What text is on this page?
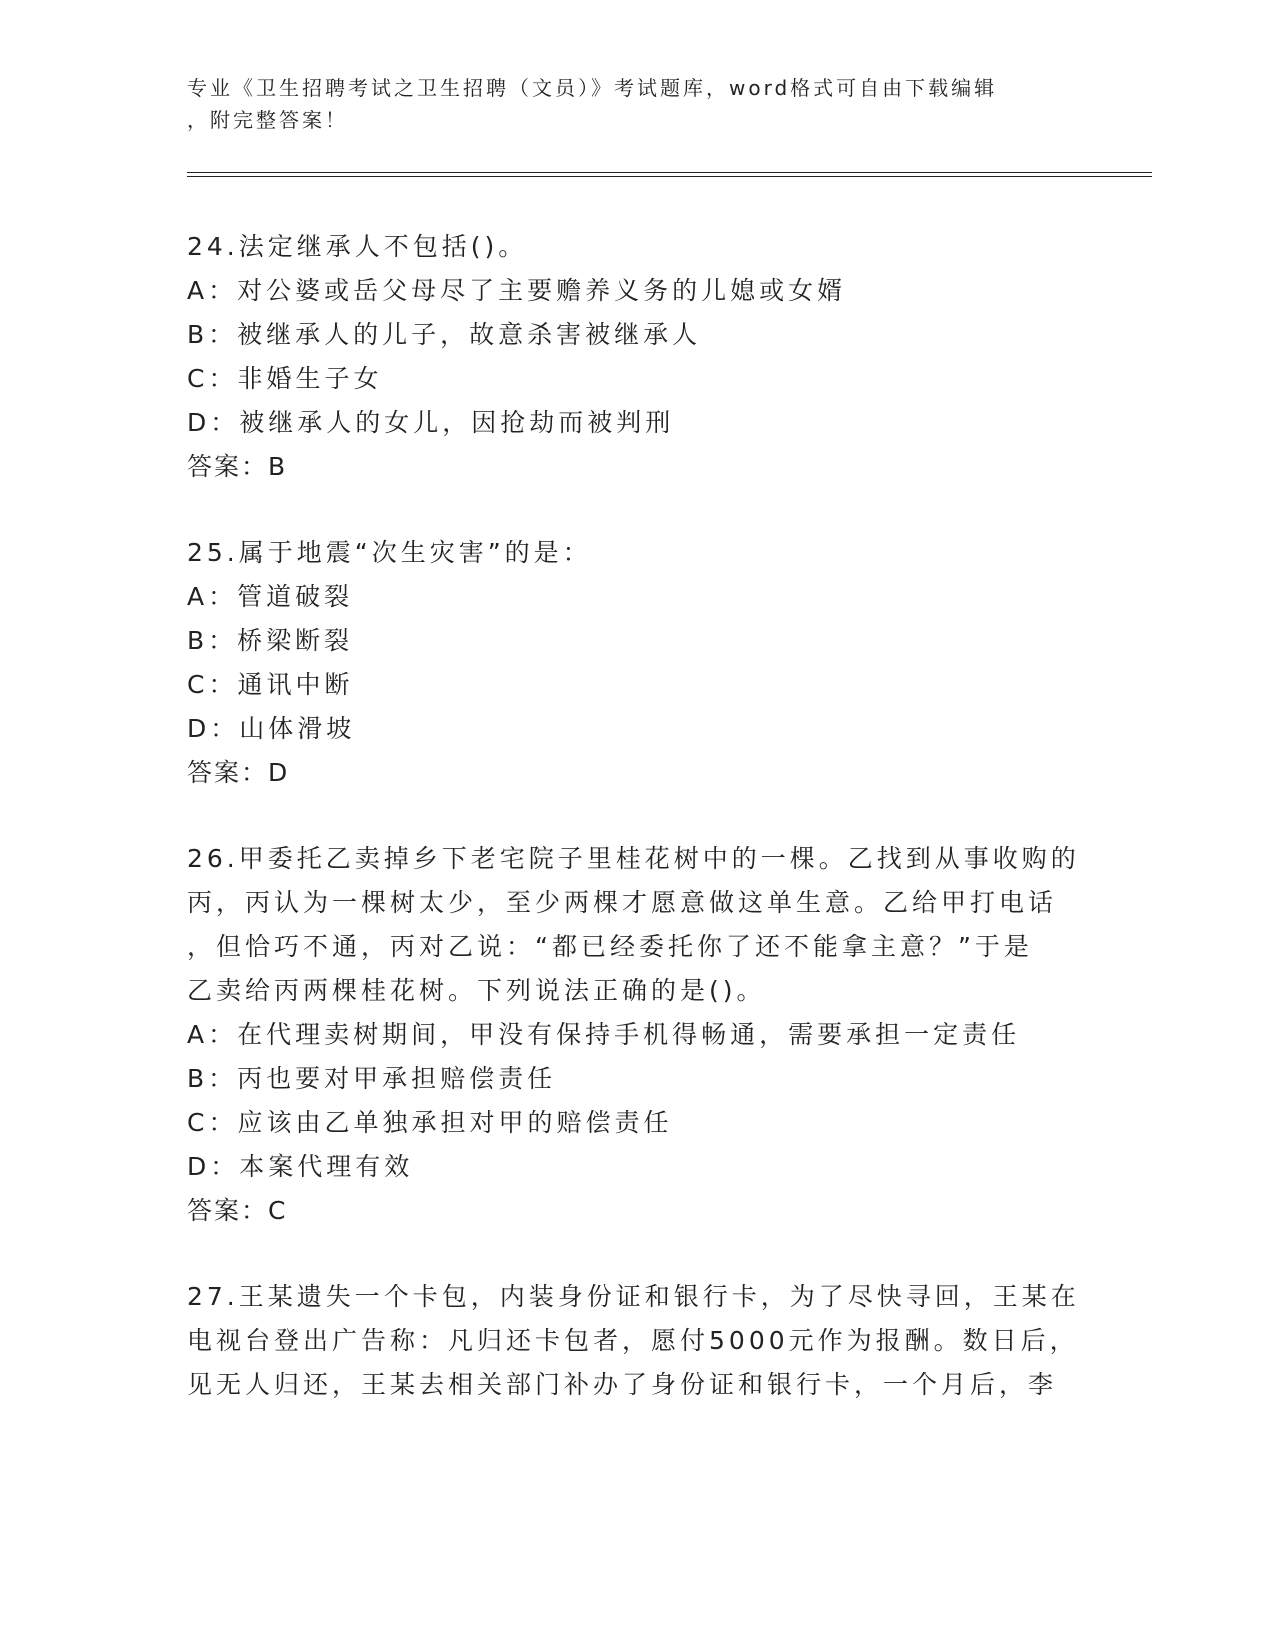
专业《卫生招聘考试之卫生招聘（文员）》考试题库，word格式可自由下载编辑
，附完整答案！
24.法定继承人不包括()。
A：对公婆或岳父母尽了主要赡养义务的儿媳或女婿
B：被继承人的儿子，故意杀害被继承人
C：非婚生子女
D：被继承人的女儿，因抢劫而被判刑
答案：B
25.属于地震“次生灾害”的是：
A：管道破裂
B：桥梁断裂
C：通讯中断
D：山体滑坡
答案：D
26.甲委托乙卖掉乡下老宅院子里桂花树中的一棵。乙找到从事收购的
丙，丙认为一棵树太少，至少两棵才愿意做这单生意。乙给甲打电话
，但恰巧不通，丙对乙说：“都已经委托你了还不能拿主意？”于是
乙卖给丙两棵桂花树。下列说法正确的是()。
A：在代理卖树期间，甲没有保持手机得畅通，需要承担一定责任
B：丙也要对甲承担赔偿责任
C：应该由乙单独承担对甲的赔偿责任
D：本案代理有效
答案：C
27.王某遗失一个卡包，内装身份证和银行卡，为了尽快寻回，王某在
电视台登出广告称：凡归还卡包者，愿付5000元作为报酬。数日后，
见无人归还，王某去相关部门补办了身份证和银行卡，一个月后，李
